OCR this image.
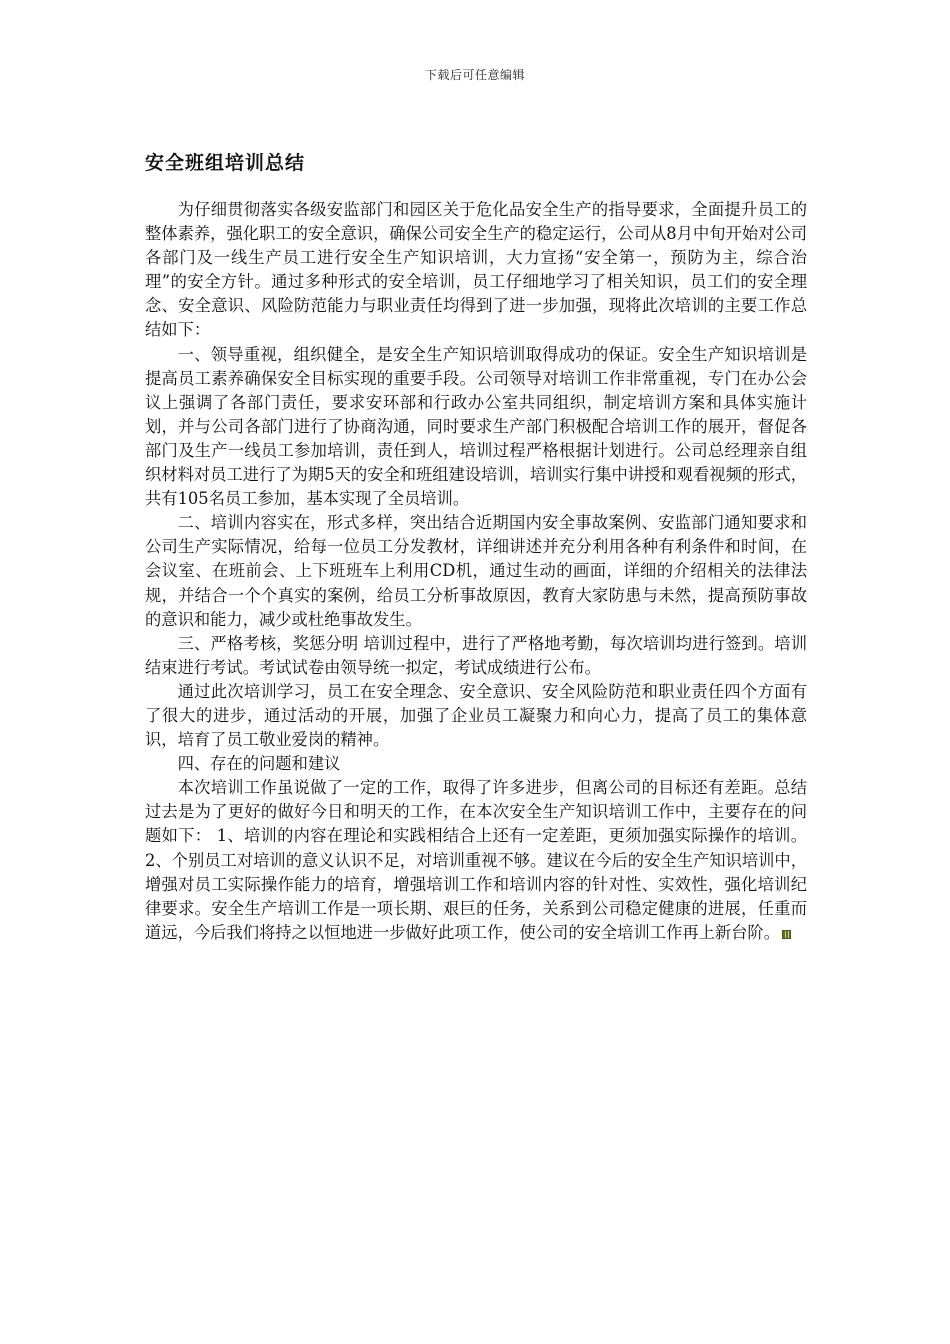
下载后可任意编辑
安全班组培训总结

为仔细贯彻落实各级安监部门和园区关于危化品安全生产的指导要求，全面提升员工的整体素养，强化职工的安全意识，确保公司安全生产的稳定运行，公司从8月中旬开始对公司各部门及一线生产员工进行安全生产知识培训，大力宣扬“安全第一，预防为主，综合治理”的安全方针。通过多种形式的安全培训，员工仔细地学习了相关知识，员工们的安全理念、安全意识、风险防范能力与职业责任均得到了进一步加强，现将此次培训的主要工作总结如下：

一、领导重视，组织健全，是安全生产知识培训取得成功的保证。安全生产知识培训是提高员工素养确保安全目标实现的重要手段。公司领导对培训工作非常重视，专门在办公会议上强调了各部门责任，要求安环部和行政办公室共同组织，制定培训方案和具体实施计划，并与公司各部门进行了协商沟通，同时要求生产部门积极配合培训工作的展开，督促各部门及生产一线员工参加培训，责任到人，培训过程严格根据计划进行。公司总经理亲自组织材料对员工进行了为期5天的安全和班组建设培训，培训实行集中讲授和观看视频的形式，共有105名员工参加，基本实现了全员培训。

二、培训内容实在，形式多样，突出结合近期国内安全事故案例、安监部门通知要求和公司生产实际情况，给每一位员工分发教材，详细讲述并充分利用各种有利条件和时间，在会议室、在班前会、上下班班车上利用CD机，通过生动的画面，详细的介绍相关的法律法规，并结合一个个真实的案例，给员工分析事故原因，教育大家防患与未然，提高预防事故的意识和能力，减少或杜绝事故发生。

三、严格考核，奖惩分明 培训过程中，进行了严格地考勤，每次培训均进行签到。培训结束进行考试。考试试卷由领导统一拟定，考试成绩进行公布。

通过此次培训学习，员工在安全理念、安全意识、安全风险防范和职业责任四个方面有了很大的进步，通过活动的开展，加强了企业员工凝聚力和向心力，提高了员工的集体意识，培育了员工敬业爱岗的精神。

四、存在的问题和建议

本次培训工作虽说做了一定的工作，取得了许多进步，但离公司的目标还有差距。总结过去是为了更好的做好今日和明天的工作，在本次安全生产知识培训工作中，主要存在的问题如下： 1、培训的内容在理论和实践相结合上还有一定差距，更须加强实际操作的培训。 2、个别员工对培训的意义认识不足，对培训重视不够。建议在今后的安全生产知识培训中，增强对员工实际操作能力的培育，增强培训工作和培训内容的针对性、实效性，强化培训纪律要求。安全生产培训工作是一项长期、艰巨的任务，关系到公司稳定健康的进展，任重而道远，今后我们将持之以恒地进一步做好此项工作，使公司的安全培训工作再上新台阶。
